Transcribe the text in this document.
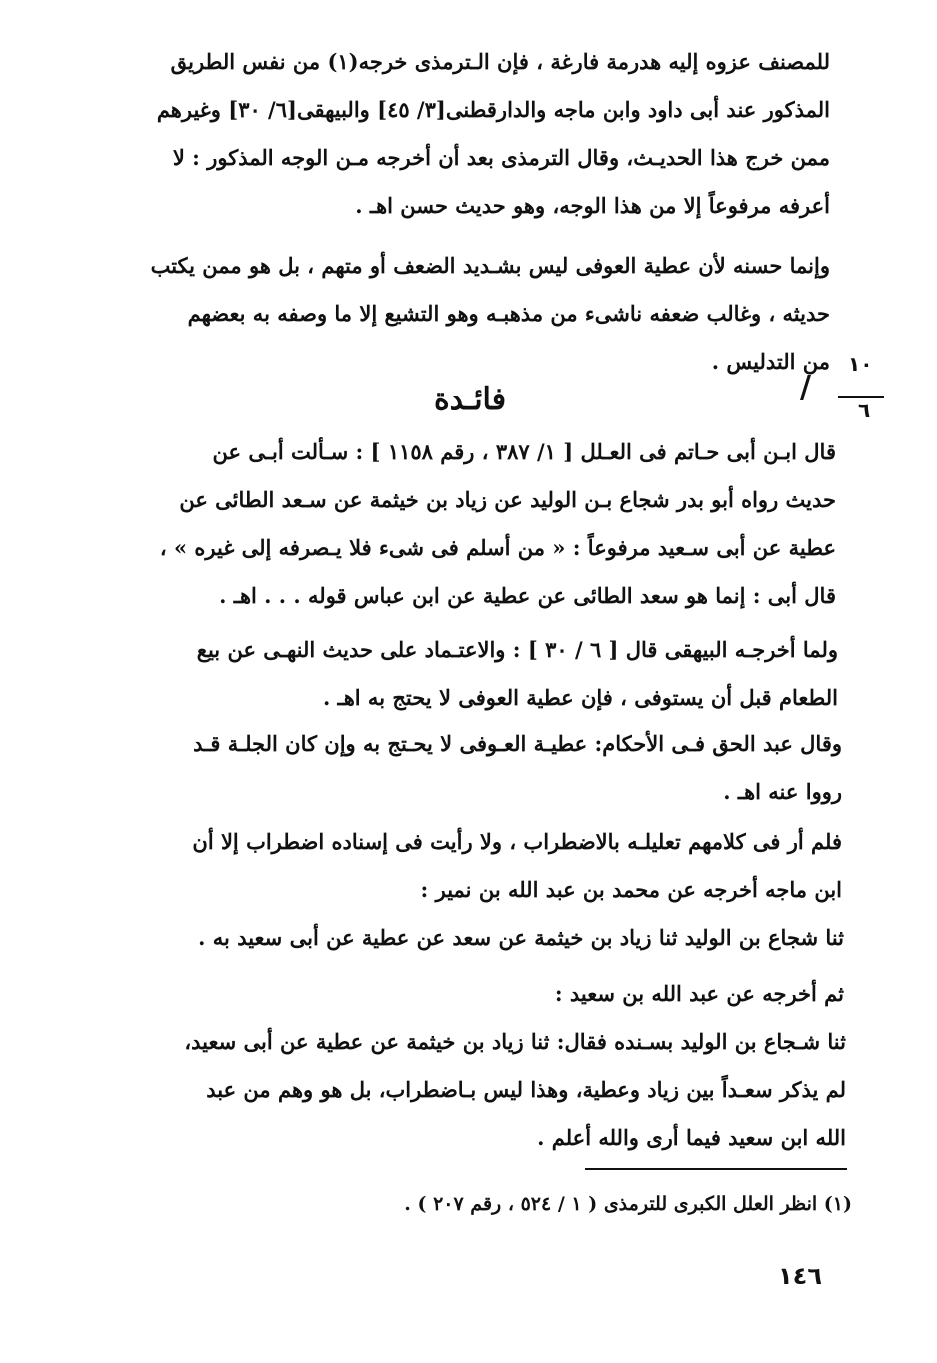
للمصنف عزوه إليه هدرمة فارغة ، فإن الـترمذى خرجه(١) من نفس الطريق
المذكور عند أبى داود وابن ماجه والدارقطنى[٣/ ٤٥] والبيهقى[٦/ ٣٠] وغيرهم
ممن خرج هذا الحديـث، وقال الترمذى بعد أن أخرجه مـن الوجه المذكور : لا
أعرفه مرفوعاً إلا من هذا الوجه، وهو حديث حسن اهـ .
وإنما حسنه لأن عطية العوفى ليس بشـديد الضعف أو متهم ، بل هو ممن يكتب
حديثه ، وغالب ضعفه ناشىء من مذهبـه وهو التشيع إلا ما وصفه به بعضهم
من التدليس . ١٠
٦
/
فائـدة
قال ابـن أبى حـاتم فى العـلل [ ١/ ٣٨٧ ، رقم ١١٥٨ ] : سـألت أبـى عن
حديث رواه أبو بدر شجاع بـن الوليد عن زياد بن خيثمة عن سـعد الطائى عن
عطية عن أبى سـعيد مرفوعاً : « من أسلم فى شىء فلا يـصرفه إلى غيره » ،
قال أبى : إنما هو سعد الطائى عن عطية عن ابن عباس قوله . . . اهـ .
ولما أخرجـه البيهقى قال [ ٦ / ٣٠ ] : والاعتـماد على حديث النهـى عن بيع
الطعام قبل أن يستوفى ، فإن عطية العوفى لا يحتج به اهـ .
وقال عبد الحق فـى الأحكام: عطيـة العـوفى لا يحـتج به وإن كان الجلـة قـد
رووا عنه اهـ .
فلم أر فى كلامهم تعليلـه بالاضطراب ، ولا رأيت فى إسناده اضطراب إلا أن
ابن ماجه أخرجه عن محمد بن عبد الله بن نمير :
ثنا شجاع بن الوليد ثنا زياد بن خيثمة عن سعد عن عطية عن أبى سعيد به .
ثم أخرجه عن عبد الله بن سعيد :
ثنا شـجاع بن الوليد بسـنده فقال: ثنا زياد بن خيثمة عن عطية عن أبى سعيد،
لم يذكر سعـداً بين زياد وعطية، وهذا ليس بـاضطراب، بل هو وهم من عبد
الله ابن سعيد فيما أرى والله أعلم .
(١) انظر العلل الكبرى للترمذى ( ١ / ٥٢٤ ، رقم ٢٠٧ ) .
١٤٦
